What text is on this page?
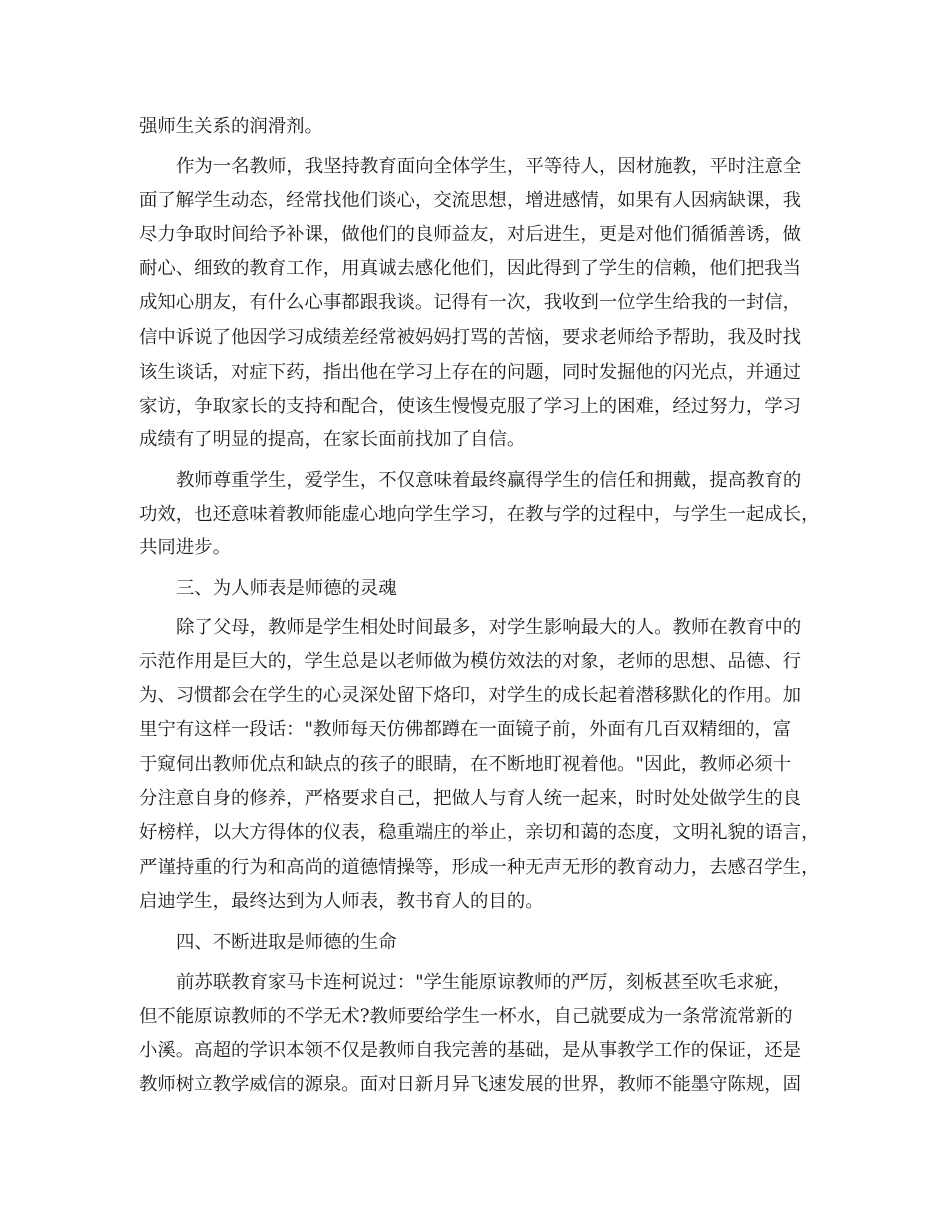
强师生关系的润滑剂。
作为一名教师，我坚持教育面向全体学生，平等待人，因材施教，平时注意全
面了解学生动态，经常找他们谈心，交流思想，增进感情，如果有人因病缺课，我
尽力争取时间给予补课，做他们的良师益友，对后进生，更是对他们循循善诱，做
耐心、细致的教育工作，用真诚去感化他们，因此得到了学生的信赖，他们把我当
成知心朋友，有什么心事都跟我谈。记得有一次，我收到一位学生给我的一封信，
信中诉说了他因学习成绩差经常被妈妈打骂的苦恼，要求老师给予帮助，我及时找
该生谈话，对症下药，指出他在学习上存在的问题，同时发掘他的闪光点，并通过
家访，争取家长的支持和配合，使该生慢慢克服了学习上的困难，经过努力，学习
成绩有了明显的提高，在家长面前找加了自信。
教师尊重学生，爱学生，不仅意味着最终赢得学生的信任和拥戴，提高教育的
功效，也还意味着教师能虚心地向学生学习，在教与学的过程中，与学生一起成长，
共同进步。
三、为人师表是师德的灵魂
除了父母，教师是学生相处时间最多，对学生影响最大的人。教师在教育中的
示范作用是巨大的，学生总是以老师做为模仿效法的对象，老师的思想、品德、行
为、习惯都会在学生的心灵深处留下烙印，对学生的成长起着潜移默化的作用。加
里宁有这样一段话："教师每天仿佛都蹲在一面镜子前，外面有几百双精细的，富
于窥伺出教师优点和缺点的孩子的眼睛，在不断地盯视着他。"因此，教师必须十
分注意自身的修养，严格要求自己，把做人与育人统一起来，时时处处做学生的良
好榜样，以大方得体的仪表，稳重端庄的举止，亲切和蔼的态度，文明礼貌的语言，
严谨持重的行为和高尚的道德情操等，形成一种无声无形的教育动力，去感召学生，
启迪学生，最终达到为人师表，教书育人的目的。
四、不断进取是师德的生命
前苏联教育家马卡连柯说过："学生能原谅教师的严厉，刻板甚至吹毛求疵，
但不能原谅教师的不学无术?教师要给学生一杯水，自己就要成为一条常流常新的
小溪。高超的学识本领不仅是教师自我完善的基础，是从事教学工作的保证，还是
教师树立教学威信的源泉。面对日新月异飞速发展的世界，教师不能墨守陈规，固
